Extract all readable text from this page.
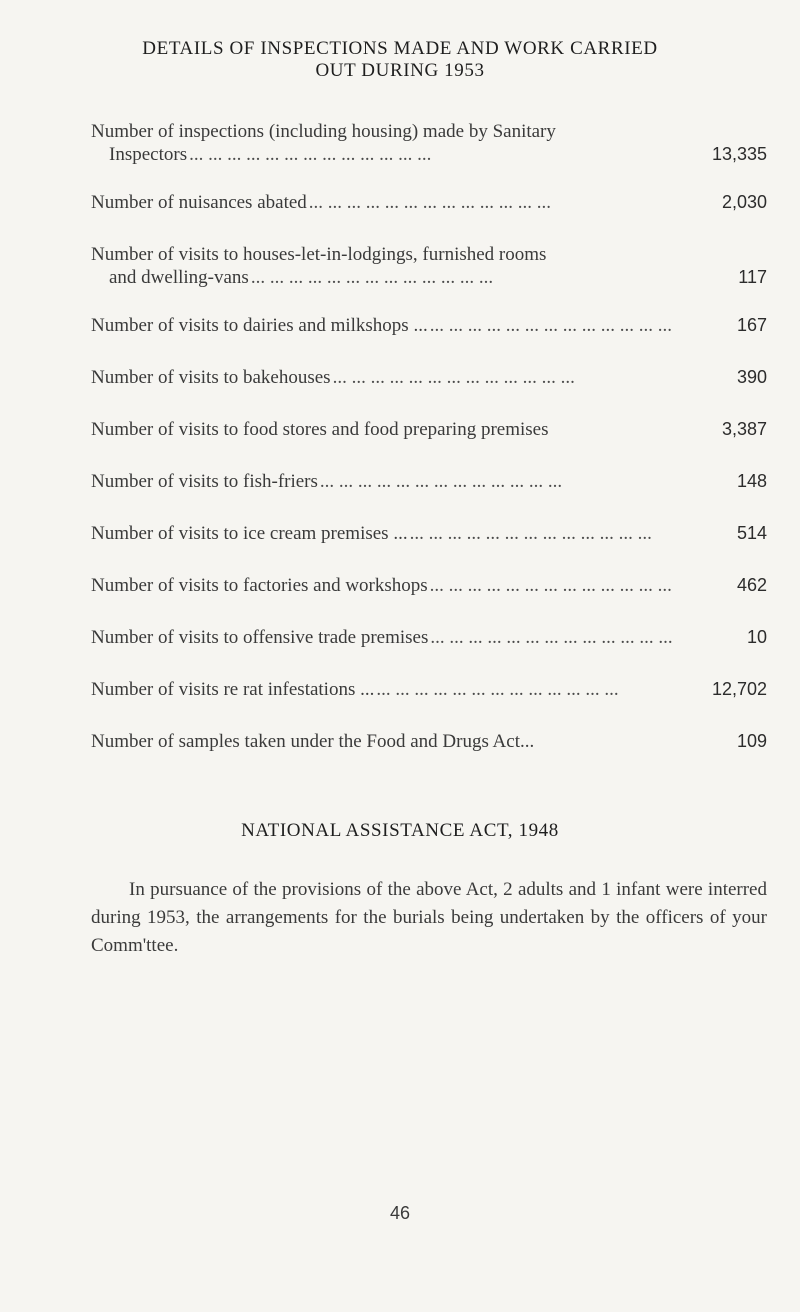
DETAILS OF INSPECTIONS MADE AND WORK CARRIED
OUT DURING 1953
Number of inspections (including housing) made by Sanitary
Inspectors ... ... ... ... ... ... ... ... ... ... ... ... ...	13,335
Number of nuisances abated ... ... ... ... ... ... ... ... ... ... ... ... ...	2,030
Number of visits to houses-let-in-lodgings, furnished rooms
and dwelling-vans ... ... ... ... ... ... ... ... ... ... ... ... ...	117
Number of visits to dairies and milkshops ... ... ... ... ... ... ... ... ... ... ... ... ... ...	167
Number of visits to bakehouses ... ... ... ... ... ... ... ... ... ... ... ... ...	390
Number of visits to food stores and food preparing premises	3,387
Number of visits to fish-friers ... ... ... ... ... ... ... ... ... ... ... ... ...	148
Number of visits to ice cream premises ... ... ... ... ... ... ... ... ... ... ... ... ... ...	514
Number of visits to factories and workshops ... ... ... ... ... ... ... ... ... ... ... ... ...	462
Number of visits to offensive trade premises ... ... ... ... ... ... ... ... ... ... ... ... ...	10
Number of visits re rat infestations ... ... ... ... ... ... ... ... ... ... ... ... ... ...	12,702
Number of samples taken under the Food and Drugs Act...	109
NATIONAL ASSISTANCE ACT, 1948

In pursuance of the provisions of the above Act, 2 adults and 1 infant were interred during 1953, the arrangements for the burials being undertaken by the officers of your Comm'ttee.

46
